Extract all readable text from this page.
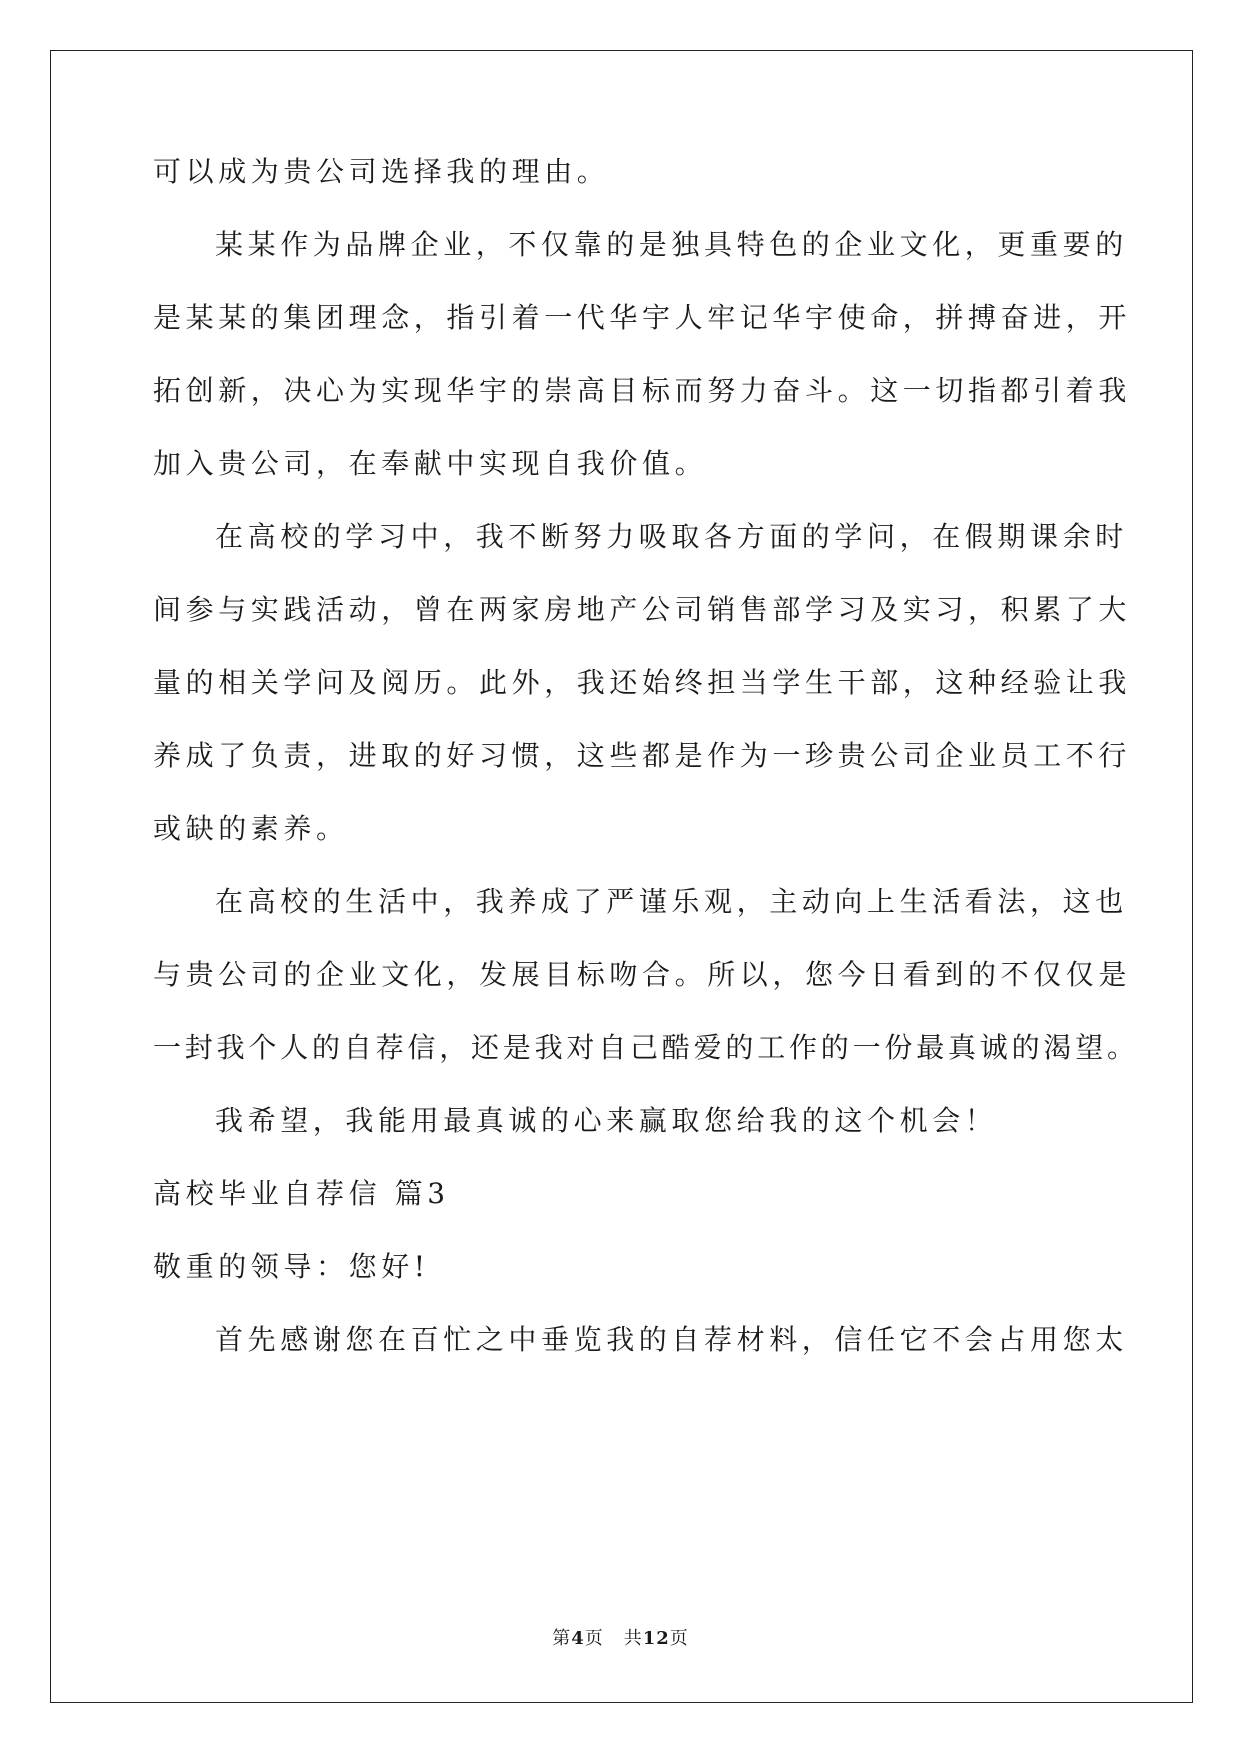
可以成为贵公司选择我的理由。
某某作为品牌企业，不仅靠的是独具特色的企业文化，更重要的
是某某的集团理念，指引着一代华宇人牢记华宇使命，拼搏奋进，开
拓创新，决心为实现华宇的崇高目标而努力奋斗。这一切指都引着我
加入贵公司，在奉献中实现自我价值。
在高校的学习中，我不断努力吸取各方面的学问，在假期课余时
间参与实践活动，曾在两家房地产公司销售部学习及实习，积累了大
量的相关学问及阅历。此外，我还始终担当学生干部，这种经验让我
养成了负责，进取的好习惯，这些都是作为一珍贵公司企业员工不行
或缺的素养。
在高校的生活中，我养成了严谨乐观，主动向上生活看法，这也
与贵公司的企业文化，发展目标吻合。所以，您今日看到的不仅仅是
一封我个人的自荐信，还是我对自己酷爱的工作的一份最真诚的渴望。
我希望，我能用最真诚的心来赢取您给我的这个机会！
高校毕业自荐信 篇3
敬重的领导：您好!
首先感谢您在百忙之中垂览我的自荐材料，信任它不会占用您太
第4页 共12页
